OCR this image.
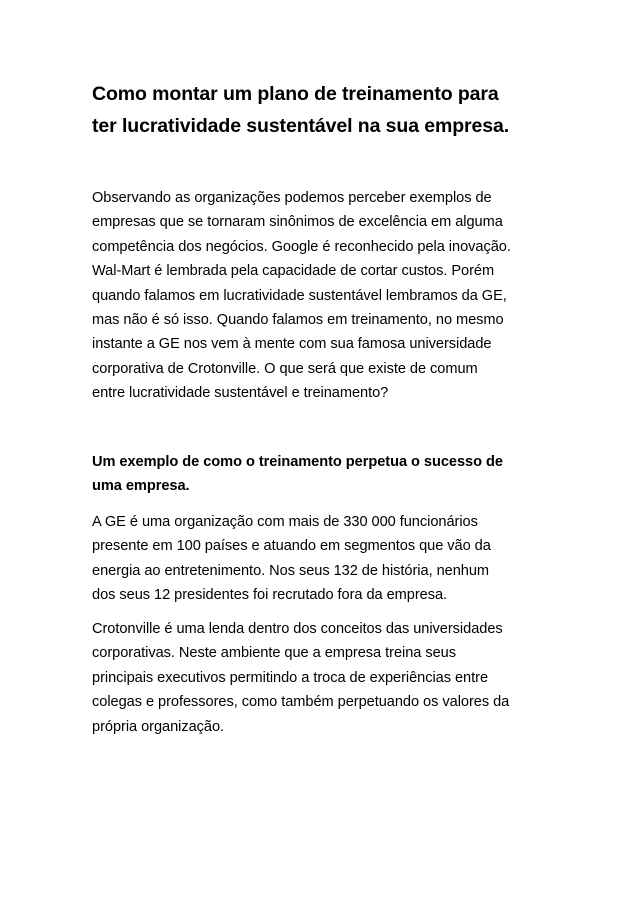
Como montar um plano de treinamento para
ter lucratividade sustentável na sua empresa.

Observando as organizações podemos perceber exemplos de
empresas que se tornaram sinônimos de excelência em alguma
competência dos negócios. Google é reconhecido pela inovação.
Wal-Mart é lembrada pela capacidade de cortar custos. Porém
quando falamos em lucratividade sustentável lembramos da GE,
mas não é só isso. Quando falamos em treinamento, no mesmo
instante a GE nos vem à mente com sua famosa universidade
corporativa de Crotonville. O que será que existe de comum
entre lucratividade sustentável e treinamento?

Um exemplo de como o treinamento perpetua o sucesso de
uma empresa.

A GE é uma organização com mais de 330 000 funcionários
presente em 100 países e atuando em segmentos que vão da
energia ao entretenimento. Nos seus 132 de história, nenhum
dos seus 12 presidentes foi recrutado fora da empresa.

Crotonville é uma lenda dentro dos conceitos das universidades
corporativas. Neste ambiente que a empresa treina seus
principais executivos permitindo a troca de experiências entre
colegas e professores, como também perpetuando os valores da
própria organização.
